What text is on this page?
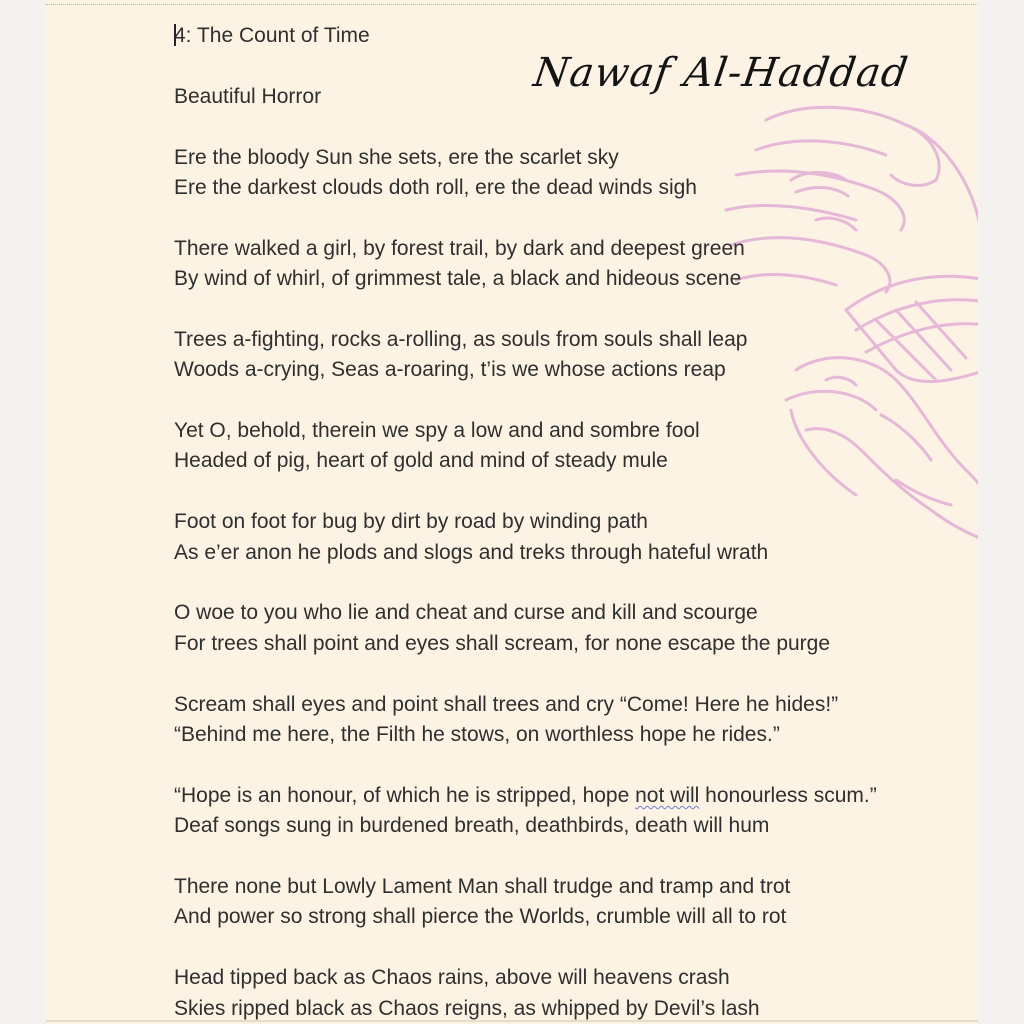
Nawaf Al-Haddad
4: The Count of Time
Beautiful Horror
Ere the bloody Sun she sets, ere the scarlet sky
Ere the darkest clouds doth roll, ere the dead winds sigh
There walked a girl, by forest trail, by dark and deepest green
By wind of whirl, of grimmest tale, a black and hideous scene
Trees a-fighting, rocks a-rolling, as souls from souls shall leap
Woods a-crying, Seas a-roaring, t’is we whose actions reap
Yet O, behold, therein we spy a low and and sombre fool
Headed of pig, heart of gold and mind of steady mule
Foot on foot for bug by dirt by road by winding path
As e’er anon he plods and slogs and treks through hateful wrath
O woe to you who lie and cheat and curse and kill and scourge
For trees shall point and eyes shall scream, for none escape the purge
Scream shall eyes and point shall trees and cry “Come! Here he hides!”
“Behind me here, the Filth he stows, on worthless hope he rides.”
“Hope is an honour, of which he is stripped, hope not will honourless scum.”
Deaf songs sung in burdened breath, deathbirds, death will hum
There none but Lowly Lament Man shall trudge and tramp and trot
And power so strong shall pierce the Worlds, crumble will all to rot
Head tipped back as Chaos rains, above will heavens crash
Skies ripped black as Chaos reigns, as whipped by Devil’s lash
